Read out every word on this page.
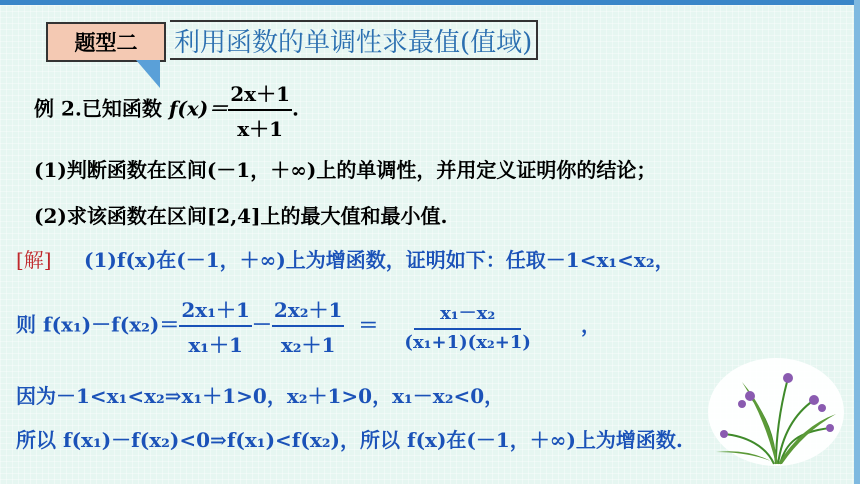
题型二 利用函数的单调性求最值(值域)
例 2.已知函数 $f(x)= \frac{2x+1}{x+1}$ .
(1)判断函数在区间(－1，＋∞)上的单调性，并用定义证明你的结论；
(2)求该函数在区间[2,4]上的最大值和最小值.
[解] (1)f(x)在(－1，＋∞)上为增函数，证明如下：任取－1<x₁<x₂，
则 $f(x_1)-f(x_2)= \frac{\text{2x₁＋1}}{\text{x₁＋1}} - \frac{\text{2x₂＋1}}{\text{x₂＋1}} = \frac{\text{x₁－x₂}}{\text{(x₁+1)(x₂+1)}}$	，
因为－1<x₁<x₂⇒x₁＋1>0，x₂＋1>0，x₁－x₂<0，
所以 f(x₁)－f(x₂)<0⇒f(x₁)<f(x₂)，所以 f(x)在(－1，＋∞)上为增函数.
